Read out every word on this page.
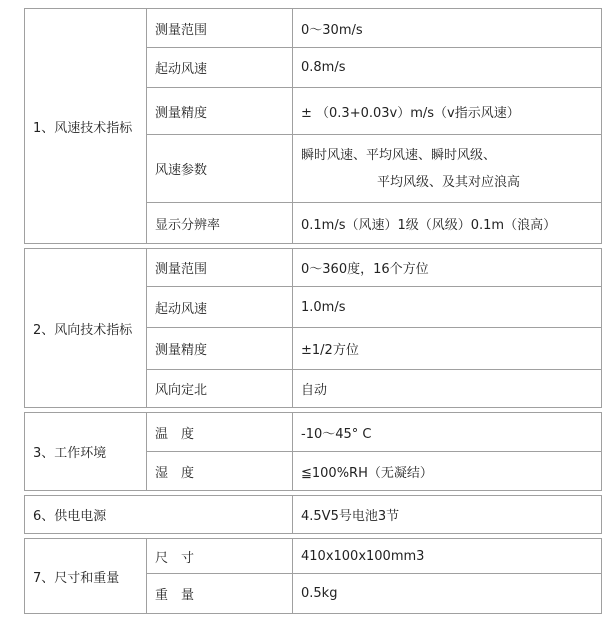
1、风速技术指标	测量范围	0～30m/s
	起动风速	0.8m/s
	测量精度	± （0.3+0.03v）m/s（v指示风速）
	风速参数	瞬时风速、平均风速、瞬时风级、
平均风级、及其对应浪高

	显示分辨率	0.1m/s（风速）1级（风级）0.1m（浪高）
2、风向技术指标	测量范围	0～360度，16个方位
	起动风速	1.0m/s
	测量精度	±1/2方位
	风向定北	自动
3、工作环境	温　度	-10～45° C
	湿　度	≦100%RH（无凝结）
6、供电电源	4.5V5号电池3节
7、尺寸和重量	尺　寸	410x100x100mm3
	重　量	0.5kg
